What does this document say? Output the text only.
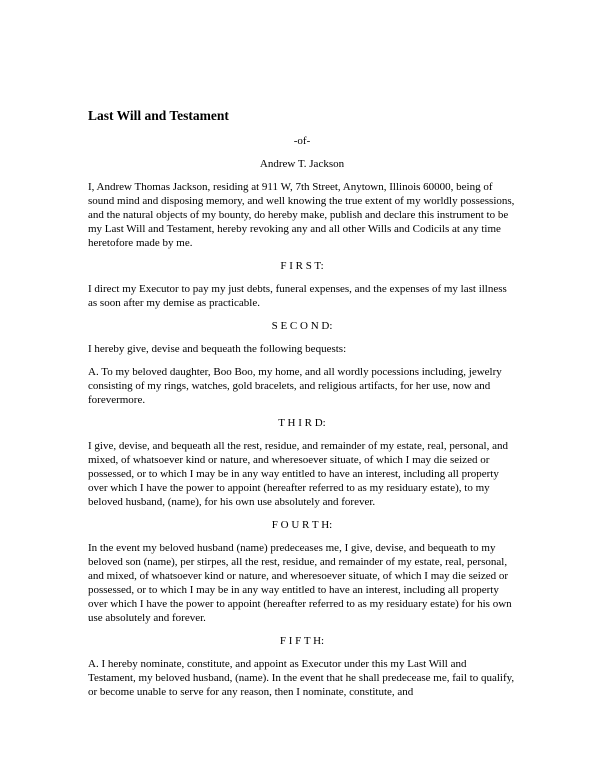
Last Will and Testament

-of-

Andrew T. Jackson

I, Andrew Thomas Jackson, residing at 911 W, 7th Street, Anytown, Illinois 60000, being of sound mind and disposing memory, and well knowing the true extent of my worldly possessions, and the natural objects of my bounty, do hereby make, publish and declare this instrument to be my Last Will and Testament, hereby revoking any and all other Wills and Codicils at any time heretofore made by me.

F I R S T:

I direct my Executor to pay my just debts, funeral expenses, and the expenses of my last illness as soon after my demise as practicable.

S E C O N D:

I hereby give, devise and bequeath the following bequests:

A. To my beloved daughter, Boo Boo, my home, and all wordly pocessions including, jewelry consisting of my rings, watches, gold bracelets, and religious artifacts, for her use, now and forevermore.

T H I R D:

I give, devise, and bequeath all the rest, residue, and remainder of my estate, real, personal, and mixed, of whatsoever kind or nature, and wheresoever situate, of which I may die seized or possessed, or to which I may be in any way entitled to have an interest, including all property over which I have the power to appoint (hereafter referred to as my residuary estate), to my beloved husband, (name), for his own use absolutely and forever.

F O U R T H:

In the event my beloved husband (name) predeceases me, I give, devise, and bequeath to my beloved son (name), per stirpes, all the rest, residue, and remainder of my estate, real, personal, and mixed, of whatsoever kind or nature, and wheresoever situate, of which I may die seized or possessed, or to which I may be in any way entitled to have an interest, including all property over which I have the power to appoint (hereafter referred to as my residuary estate) for his own use absolutely and forever.

F I F T H:

A. I hereby nominate, constitute, and appoint as Executor under this my Last Will and Testament, my beloved husband, (name). In the event that he shall predecease me, fail to qualify, or become unable to serve for any reason, then I nominate, constitute, and
